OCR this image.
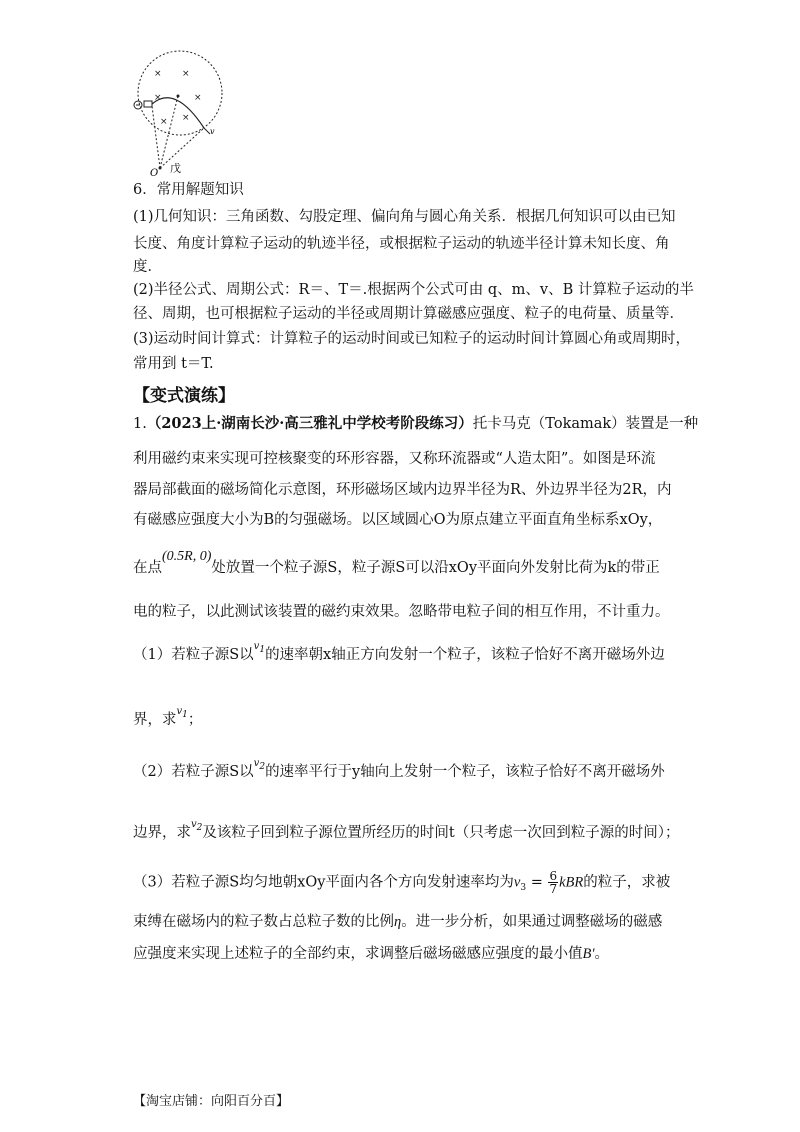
× ×
×	×
× ×
v
O 戊
6．常用解题知识
(1)几何知识：三角函数、勾股定理、偏向角与圆心角关系．根据几何知识可以由已知
长度、角度计算粒子运动的轨迹半径，或根据粒子运动的轨迹半径计算未知长度、角
度．
(2)半径公式、周期公式：R＝、T＝.根据两个公式可由 q、m、v、B 计算粒子运动的半
径、周期，也可根据粒子运动的半径或周期计算磁感应强度、粒子的电荷量、质量等．
(3)运动时间计算式：计算粒子的运动时间或已知粒子的运动时间计算圆心角或周期时，
常用到 t＝T.
【变式演练】
1.（2023上·湖南长沙·高三雅礼中学校考阶段练习）托卡马克（Tokamak）装置是一种
利用磁约束来实现可控核聚变的环形容器，又称环流器或“人造太阳”。如图是环流
器局部截面的磁场简化示意图，环形磁场区域内边界半径为R、外边界半径为2R，内
有磁感应强度大小为B的匀强磁场。以区域圆心O为原点建立平面直角坐标系xOy，
在点(0.5R, 0)处放置一个粒子源S，粒子源S可以沿xOy平面向外发射比荷为k的带正
电的粒子，以此测试该装置的磁约束效果。忽略带电粒子间的相互作用，不计重力。
（1）若粒子源S以$^{v1}$的速率朝x轴正方向发射一个粒子，该粒子恰好不离开磁场外边
界，求$^{v1}$；
（2）若粒子源S以$^{v2}$的速率平行于y轴向上发射一个粒子，该粒子恰好不离开磁场外
边界，求$^{v2}$及该粒子回到粒子源位置所经历的时间t（只考虑一次回到粒子源的时间）；
（3）若粒子源S均匀地朝xOy平面内各个方向发射速率均为$v_3 = \frac{6}{7}$ kBR的粒子，求被
束缚在磁场内的粒子数占总粒子数的比例η。进一步分析，如果通过调整磁场的磁感
应强度来实现上述粒子的全部约束，求调整后磁场磁感应强度的最小值B′。
【淘宝店铺：向阳百分百】
